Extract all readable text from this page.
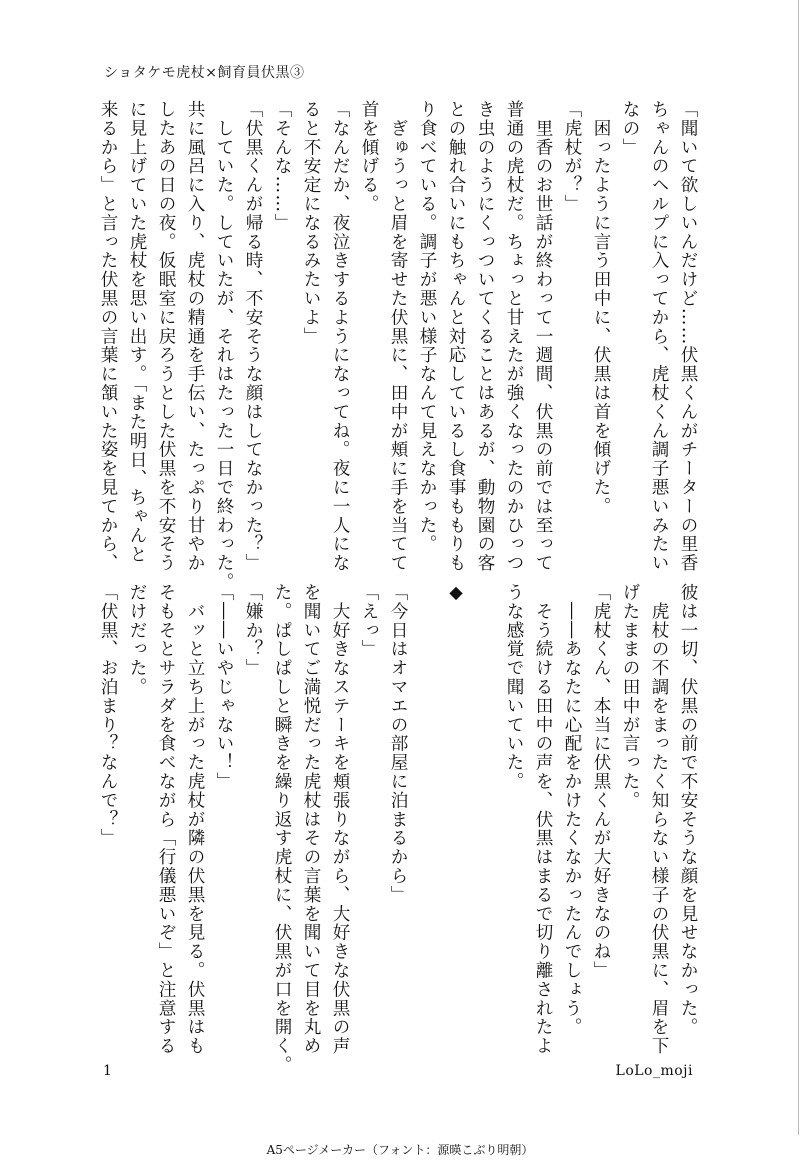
ショタケモ虎杖×飼育員伏黒③
「聞いて欲しいんだけど……伏黒くんがチーターの里香
ちゃんのヘルプに入ってから、虎杖くん調子悪いみたい
なの」
　困ったように言う田中に、伏黒は首を傾げた。
「虎杖が？」
　里香のお世話が終わって一週間、伏黒の前では至って
普通の虎杖だ。ちょっと甘えたが強くなったのかひっつ
き虫のようにくっついてくることはあるが、動物園の客
との触れ合いにもちゃんと対応しているし食事ももりも
り食べている。調子が悪い様子なんて見えなかった。
　ぎゅうっと眉を寄せた伏黒に、田中が頬に手を当てて
首を傾げる。
「なんだか、夜泣きするようになってね。夜に一人にな
ると不安定になるみたいよ」
「そんな……」
「伏黒くんが帰る時、不安そうな顔はしてなかった？」
　していた。していたが、それはたった一日で終わった。
共に風呂に入り、虎杖の精通を手伝い、たっぷり甘やか
したあの日の夜。仮眠室に戻ろうとした伏黒を不安そう
に見上げていた虎杖を思い出す。「また明日、ちゃんと
来るから」と言った伏黒の言葉に頷いた姿を見てから、
彼は一切、伏黒の前で不安そうな顔を見せなかった。
　虎杖の不調をまったく知らない様子の伏黒に、眉を下
げたままの田中が言った。
「虎杖くん、本当に伏黒くんが大好きなのね」
　――あなたに心配をかけたくなかったんでしょう。
　そう続ける田中の声を、伏黒はまるで切り離されたよ
うな感覚で聞いていた。

◆

「今日はオマエの部屋に泊まるから」
「えっ」
　大好きなステーキを頬張りながら、大好きな伏黒の声
を聞いてご満悦だった虎杖はその言葉を聞いて目を丸め
た。ぱしぱしと瞬きを繰り返す虎杖に、伏黒が口を開く。
「嫌か？」
「――いやじゃない！」
　バッと立ち上がった虎杖が隣の伏黒を見る。伏黒はも
そもそとサラダを食べながら「行儀悪いぞ」と注意する
だけだった。
「伏黒、お泊まり？なんで？」
1	LoLo_moji
A5ページメーカー（フォント：源暎こぶり明朝）
